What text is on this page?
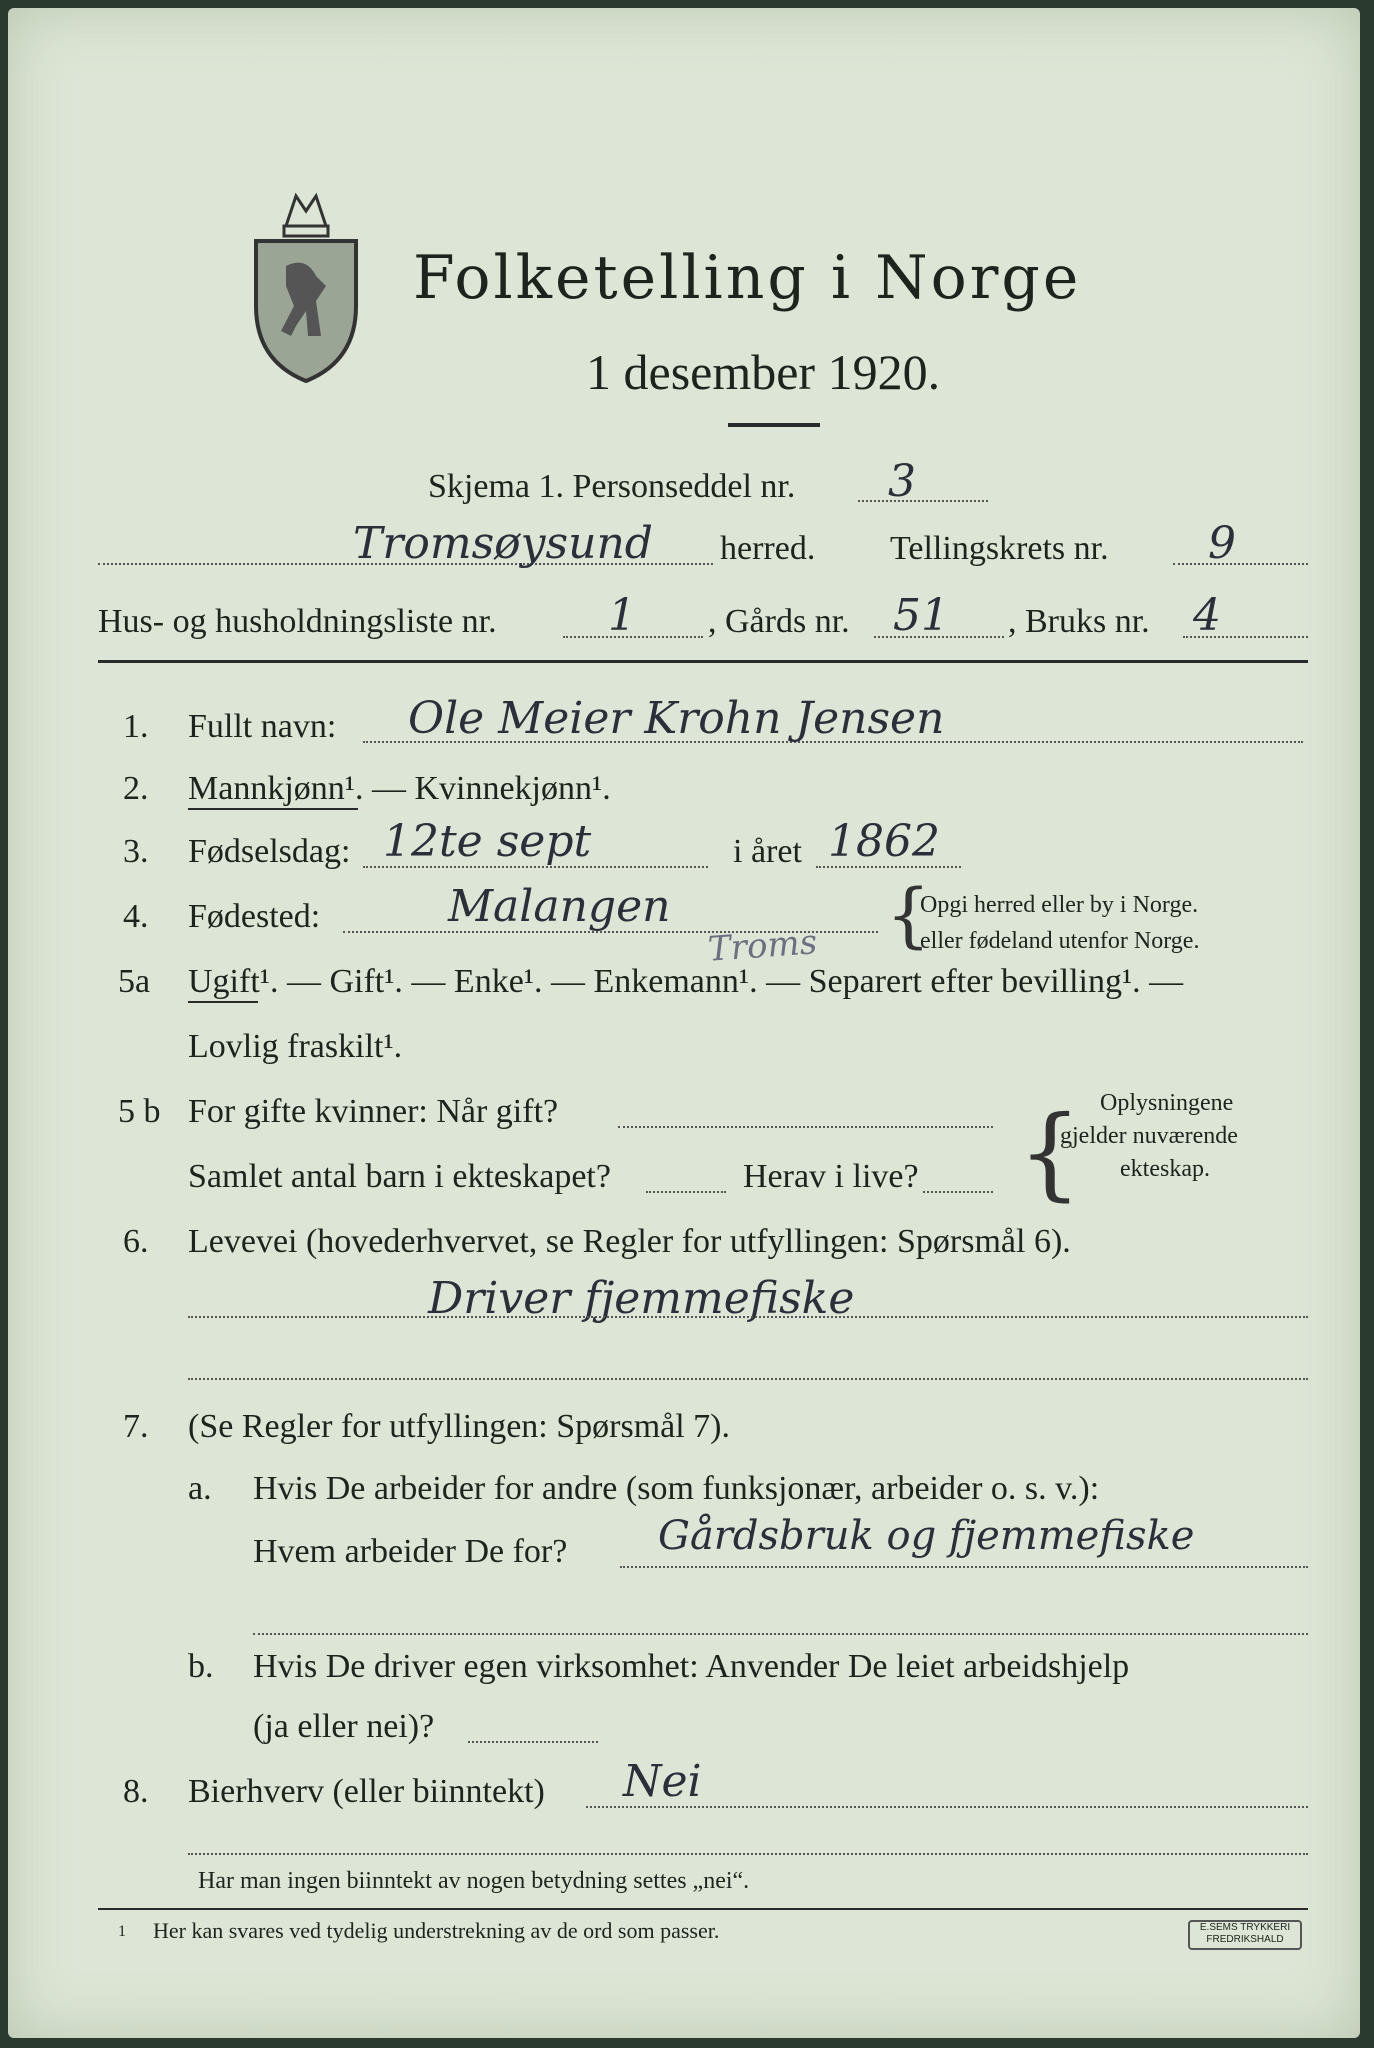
Folketelling i Norge
1 desember 1920.
Skjema 1. Personseddel nr. 3
Tromsøysund herred. Tellingskrets nr. 9
Hus- og husholdningsliste nr.	1 , Gårds nr. 51 , Bruks nr. 4
1. Fullt navn: Ole Meier Krohn Jensen
2. Mannkjønn¹. — Kvinnekjønn¹.
3. Fødselsdag: 12te sept	i året 1862
4. Fødested:	Malangen
Troms {
Opgi herred eller by i Norge.
eller fødeland utenfor Norge.
5a Ugift¹. — Gift¹. — Enke¹. — Enkemann¹. — Separert efter bevilling¹. —
Lovlig fraskilt¹.
5 b For gifte kvinner: Når gift?
Samlet antal barn i ekteskapet?	Herav i live? { Oplysningene
gjelder nuværende
ekteskap.
6. Levevei (hovederhvervet, se Regler for utfyllingen: Spørsmål 6).
Driver fjemmefiske
7. (Se Regler for utfyllingen: Spørsmål 7).
a. Hvis De arbeider for andre (som funksjonær, arbeider o. s. v.):
Hvem arbeider De for? Gårdsbruk og fjemmefiske
b. Hvis De driver egen virksomhet: Anvender De leiet arbeidshjelp
(ja eller nei)?
8. Bierhverv (eller biinntekt) Nei
Har man ingen biinntekt av nogen betydning settes „nei“.
1 Her kan svares ved tydelig understrekning av de ord som passer.	E.SEMS TRYKKERI FREDRIKSHALD
